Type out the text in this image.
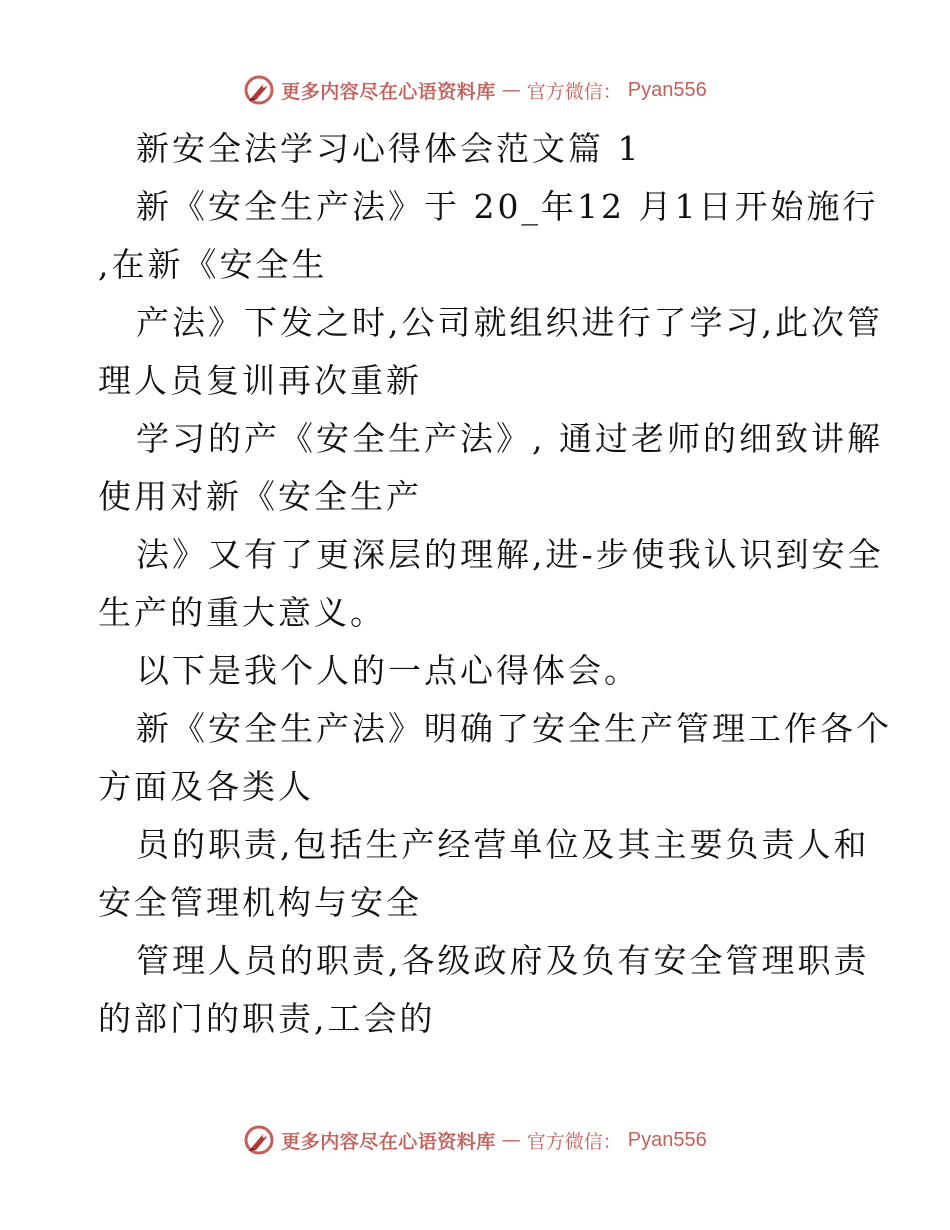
更多内容尽在心语资料库 — 官方微信： Pyan556
新安全法学习心得体会范文篇 1
新《安全生产法》于 20_年12 月1日开始施行
,在新《安全生
产法》下发之时,公司就组织进行了学习,此次管
理人员复训再次重新
学习的产《安全生产法》, 通过老师的细致讲解
使用对新《安全生产
法》又有了更深层的理解,进-步使我认识到安全
生产的重大意义。
以下是我个人的一点心得体会。
新《安全生产法》明确了安全生产管理工作各个
方面及各类人
员的职责,包括生产经营单位及其主要负责人和
安全管理机构与安全
管理人员的职责,各级政府及负有安全管理职责
的部门的职责,工会的
更多内容尽在心语资料库 — 官方微信： Pyan556
